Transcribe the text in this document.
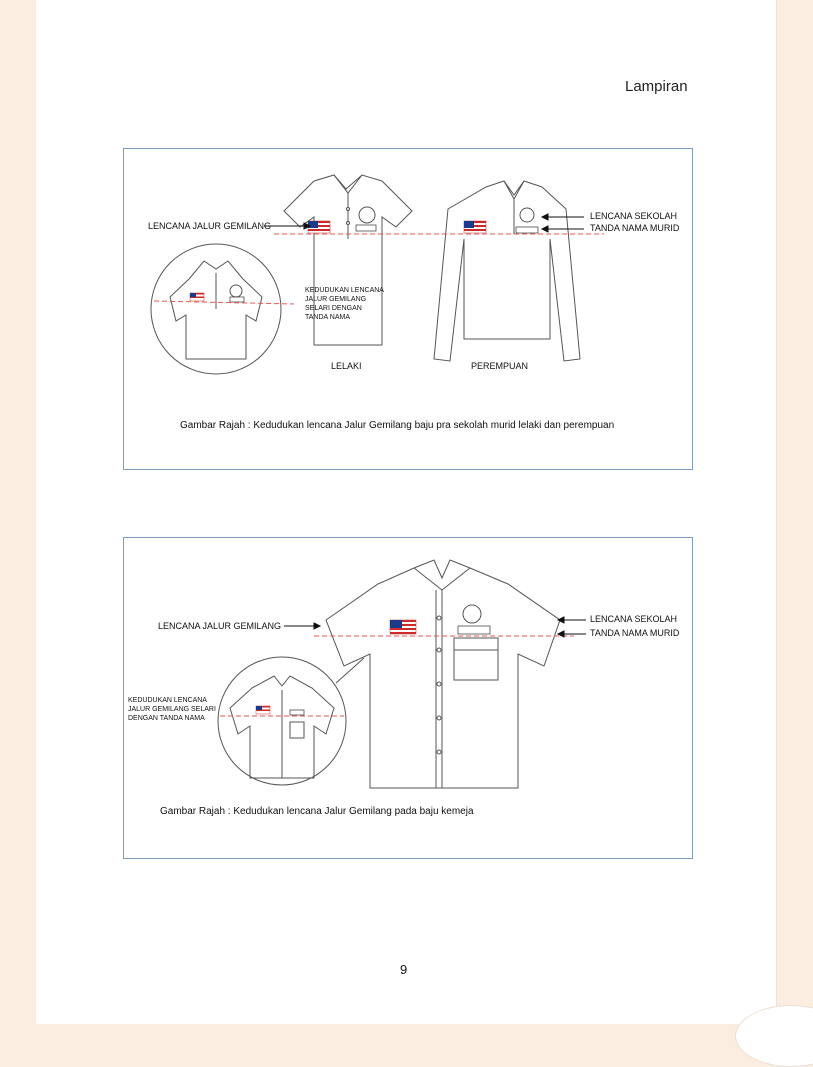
Lampiran
LENCANA JALUR GEMILANG
LENCANA SEKOLAH
TANDA NAMA MURID
KEDUDUKAN LENCANA JALUR GEMILANG SELARI DENGAN TANDA NAMA
LELAKI	PEREMPUAN
Gambar Rajah : Kedudukan lencana Jalur Gemilang baju pra sekolah murid lelaki dan perempuan
LENCANA JALUR GEMILANG
LENCANA SEKOLAH
TANDA NAMA MURID
KEDUDUKAN LENCANA JALUR GEMILANG SELARI DENGAN TANDA NAMA
Gambar Rajah : Kedudukan lencana Jalur Gemilang pada baju kemeja
9
